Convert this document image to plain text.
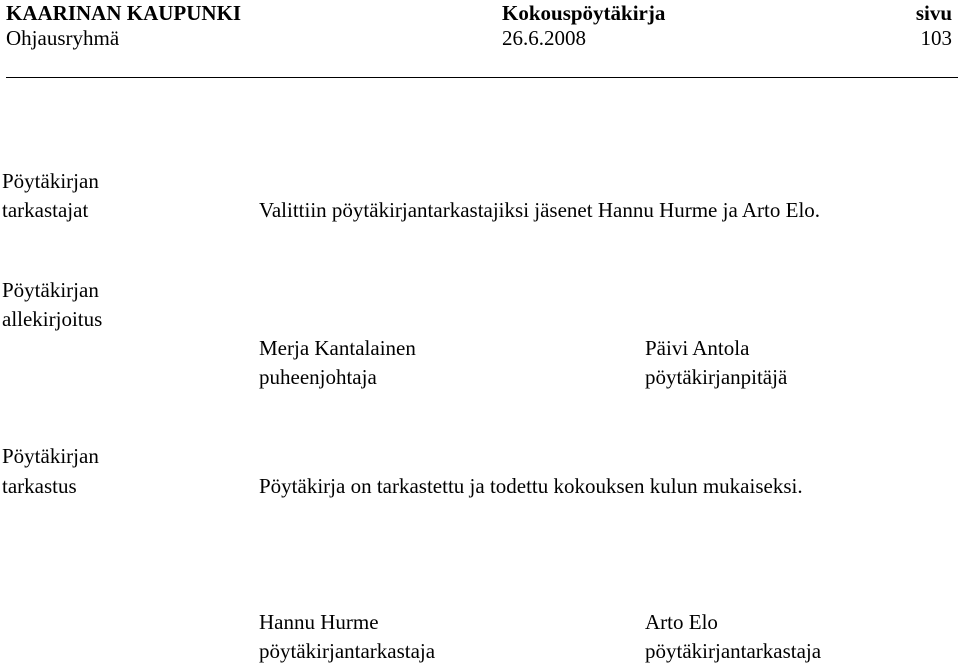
KAARINAN KAUPUNKI
Ohjausryhmä
Kokouspöytäkirja
26.6.2008
sivu
103
Pöytäkirjan
tarkastajat	Valittiin pöytäkirjantarkastajiksi jäsenet Hannu Hurme ja Arto Elo.
Pöytäkirjan
allekirjoitus
Merja Kantalainen
puheenjohtaja
Päivi Antola
pöytäkirjanpitäjä
Pöytäkirjan
tarkastus	Pöytäkirja on tarkastettu ja todettu kokouksen kulun mukaiseksi.
Hannu Hurme
pöytäkirjantarkastaja
Arto Elo
pöytäkirjantarkastaja
